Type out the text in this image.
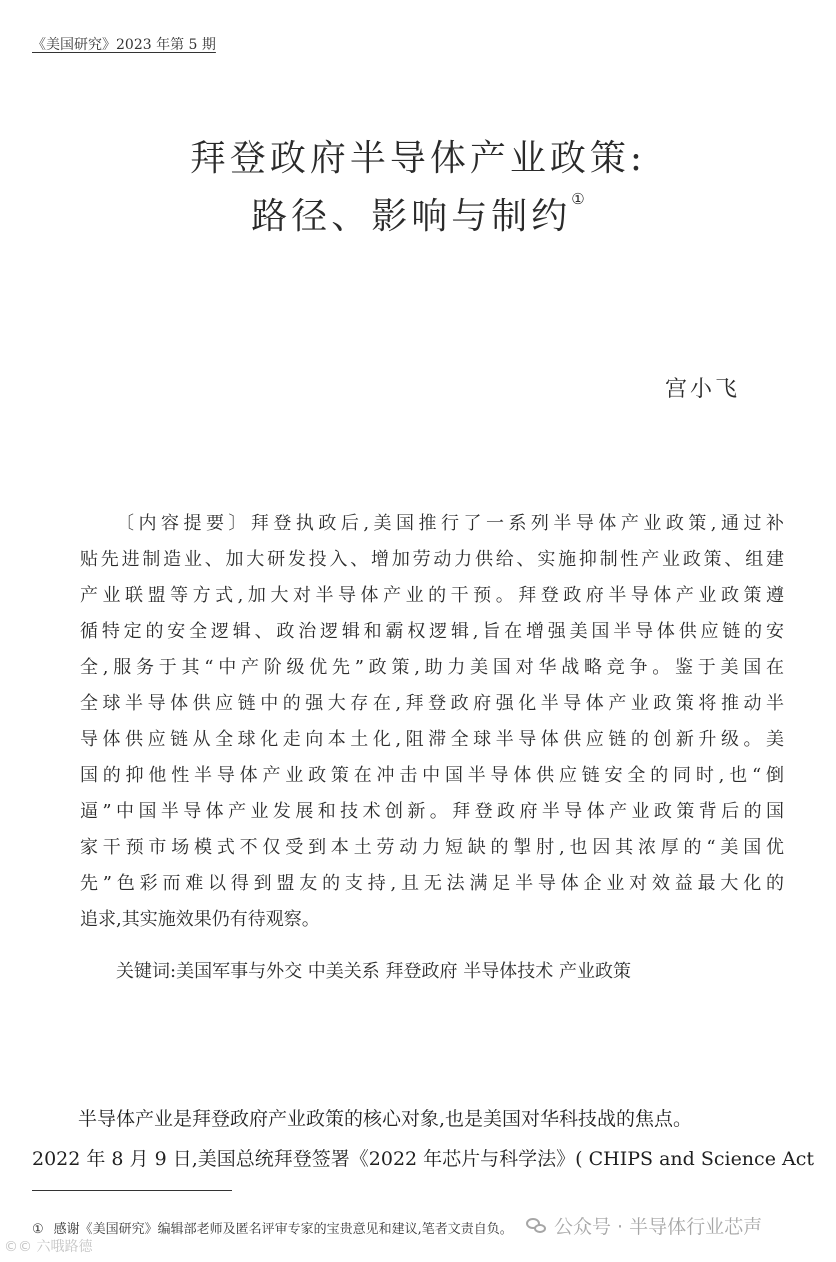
《美国研究》2023 年第 5 期
拜登政府半导体产业政策:
路径、影响与制约①
宫小飞
〔内容提要〕拜登执政后,美国推行了一系列半导体产业政策,通过补
贴先进制造业、加大研发投入、增加劳动力供给、实施抑制性产业政策、组建
产业联盟等方式,加大对半导体产业的干预。拜登政府半导体产业政策遵
循特定的安全逻辑、政治逻辑和霸权逻辑,旨在增强美国半导体供应链的安
全,服务于其“中产阶级优先”政策,助力美国对华战略竞争。鉴于美国在
全球半导体供应链中的强大存在,拜登政府强化半导体产业政策将推动半
导体供应链从全球化走向本土化,阻滞全球半导体供应链的创新升级。美
国的抑他性半导体产业政策在冲击中国半导体供应链安全的同时,也“倒
逼”中国半导体产业发展和技术创新。拜登政府半导体产业政策背后的国
家干预市场模式不仅受到本土劳动力短缺的掣肘,也因其浓厚的“美国优
先”色彩而难以得到盟友的支持,且无法满足半导体企业对效益最大化的
追求,其实施效果仍有待观察。
关键词:美国军事与外交 中美关系 拜登政府 半导体技术 产业政策
半导体产业是拜登政府产业政策的核心对象,也是美国对华科技战的焦点。
2022 年 8 月 9 日,美国总统拜登签署《2022 年芯片与科学法》( CHIPS and Science Act
① 感谢《美国研究》编辑部老师及匿名评审专家的宝贵意见和建议,笔者文责自负。 公众号 · 半导体行业芯声
©© 六哦路德
